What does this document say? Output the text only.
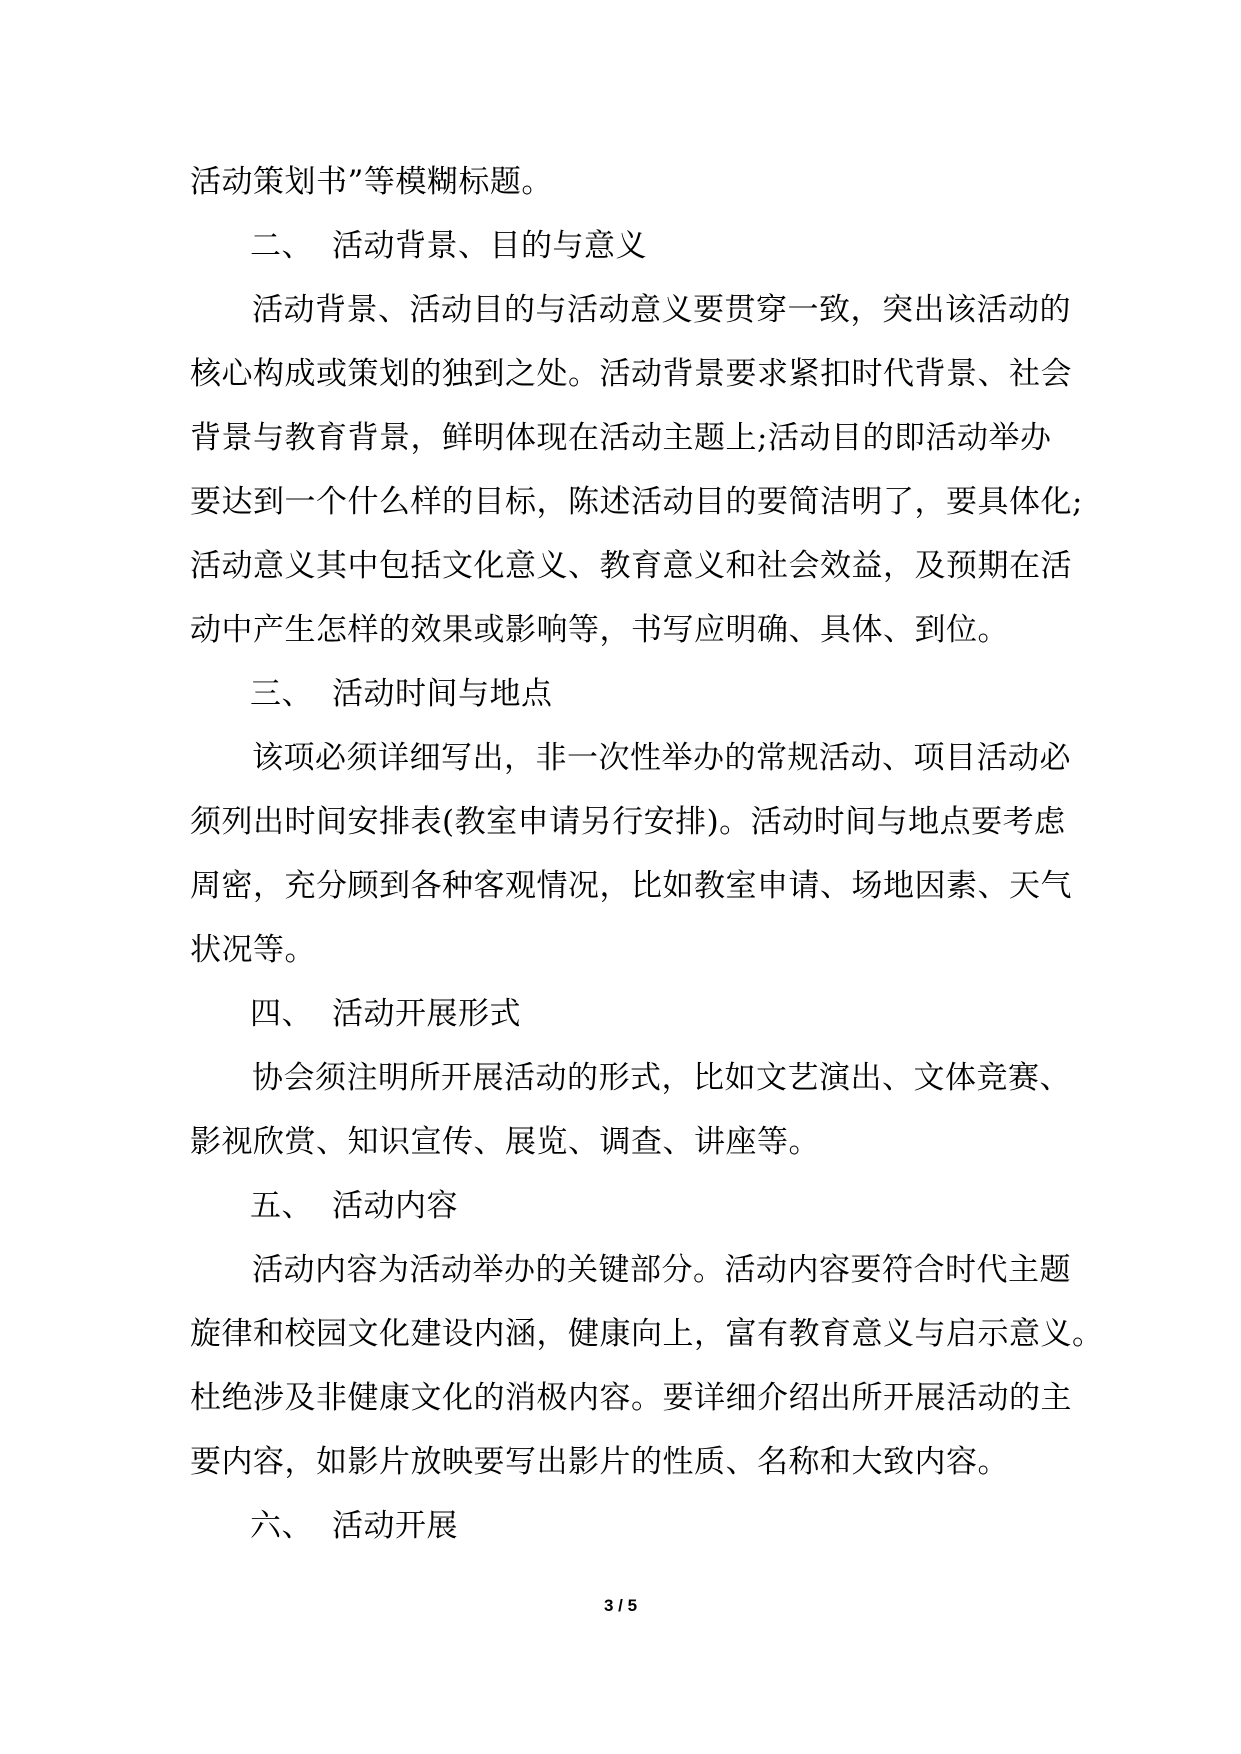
活动策划书”等模糊标题。
二、 活动背景、目的与意义
活动背景、活动目的与活动意义要贯穿一致，突出该活动的
核心构成或策划的独到之处。活动背景要求紧扣时代背景、社会
背景与教育背景，鲜明体现在活动主题上;活动目的即活动举办
要达到一个什么样的目标，陈述活动目的要简洁明了，要具体化;
活动意义其中包括文化意义、教育意义和社会效益，及预期在活
动中产生怎样的效果或影响等，书写应明确、具体、到位。
三、 活动时间与地点
该项必须详细写出，非一次性举办的常规活动、项目活动必
须列出时间安排表(教室申请另行安排)。活动时间与地点要考虑
周密，充分顾到各种客观情况，比如教室申请、场地因素、天气
状况等。
四、 活动开展形式
协会须注明所开展活动的形式，比如文艺演出、文体竞赛、
影视欣赏、知识宣传、展览、调查、讲座等。
五、 活动内容
活动内容为活动举办的关键部分。活动内容要符合时代主题
旋律和校园文化建设内涵，健康向上，富有教育意义与启示意义。
杜绝涉及非健康文化的消极内容。要详细介绍出所开展活动的主
要内容，如影片放映要写出影片的性质、名称和大致内容。
六、 活动开展
3 / 5
